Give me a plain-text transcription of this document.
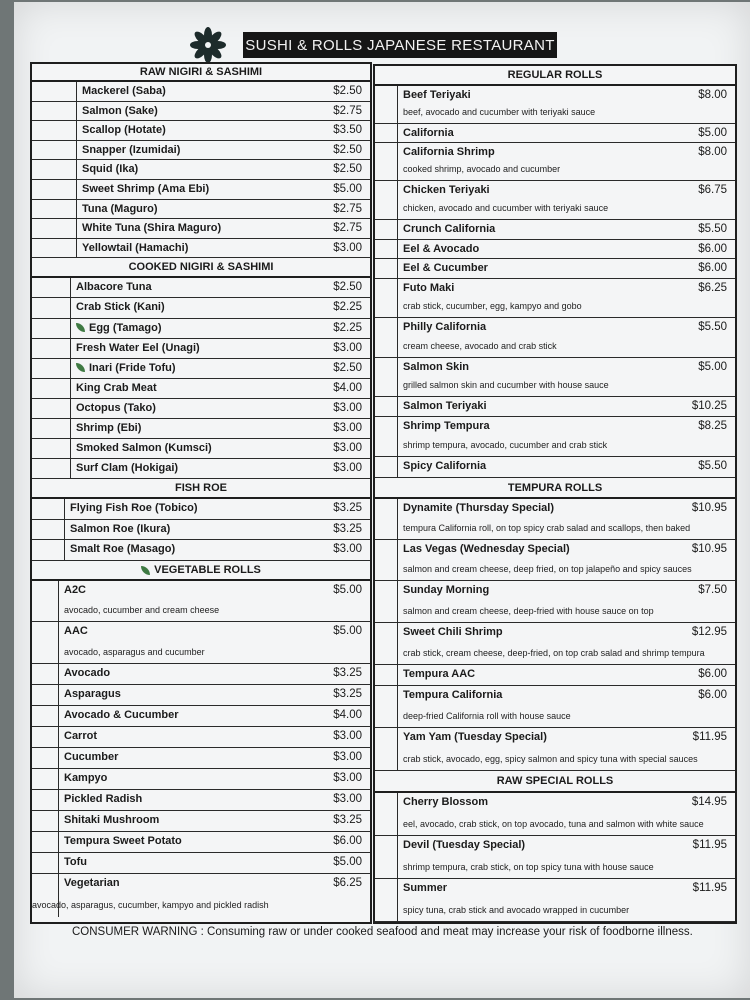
SUSHI & ROLLS JAPANESE RESTAURANT
RAW NIGIRI & SASHIMI
Mackerel (Saba)	$2.50
Salmon (Sake)	$2.75
Scallop (Hotate)	$3.50
Snapper (Izumidai)	$2.50
Squid (Ika)	$2.50
Sweet Shrimp (Ama Ebi)	$5.00
Tuna (Maguro)	$2.75
White Tuna (Shira Maguro)	$2.75
Yellowtail (Hamachi)	$3.00
COOKED NIGIRI & SASHIMI
Albacore Tuna	$2.50
Crab Stick (Kani)	$2.25
Egg (Tamago)	$2.25
Fresh Water Eel (Unagi)	$3.00
Inari (Fride Tofu)	$2.50
King Crab Meat	$4.00
Octopus (Tako)	$3.00
Shrimp (Ebi)	$3.00
Smoked Salmon (Kumsci)	$3.00
Surf Clam (Hokigai)	$3.00
FISH ROE
Flying Fish Roe (Tobico)	$3.25
Salmon Roe (Ikura)	$3.25
Smalt Roe (Masago)	$3.00
VEGETABLE ROLLS
A2C	$5.00
avocado, cucumber and cream cheese
AAC	$5.00
avocado, asparagus and cucumber
Avocado	$3.25
Asparagus	$3.25
Avocado & Cucumber	$4.00
Carrot	$3.00
Cucumber	$3.00
Kampyo	$3.00
Pickled Radish	$3.00
Shitaki Mushroom	$3.25
Tempura Sweet Potato	$6.00
Tofu	$5.00
Vegetarian	$6.25
avocado, asparagus, cucumber, kampyo and pickled radish
REGULAR ROLLS
Beef Teriyaki	$8.00
beef, avocado and cucumber with teriyaki sauce
California	$5.00
California Shrimp	$8.00
cooked shrimp, avocado and cucumber
Chicken Teriyaki	$6.75
chicken, avocado and cucumber with teriyaki sauce
Crunch California	$5.50
Eel & Avocado	$6.00
Eel & Cucumber	$6.00
Futo Maki	$6.25
crab stick, cucumber, egg, kampyo and gobo
Philly California	$5.50
cream cheese, avocado and crab stick
Salmon Skin	$5.00
grilled salmon skin and cucumber with house sauce
Salmon Teriyaki	$10.25
Shrimp Tempura	$8.25
shrimp tempura, avocado, cucumber and crab stick
Spicy California	$5.50
TEMPURA ROLLS
Dynamite (Thursday Special)	$10.95
tempura California roll, on top spicy crab salad and scallops, then baked
Las Vegas (Wednesday Special)	$10.95
salmon and cream cheese, deep fried, on top jalapeño and spicy sauces
Sunday Morning	$7.50
salmon and cream cheese, deep-fried with house sauce on top
Sweet Chili Shrimp	$12.95
crab stick, cream cheese, deep-fried, on top crab salad and shrimp tempura
Tempura AAC	$6.00
Tempura California	$6.00
deep-fried California roll with house sauce
Yam Yam (Tuesday Special)	$11.95
crab stick, avocado, egg, spicy salmon and spicy tuna with special sauces
RAW SPECIAL ROLLS
Cherry Blossom	$14.95
eel, avocado, crab stick, on top avocado, tuna and salmon with white sauce
Devil (Tuesday Special)	$11.95
shrimp tempura, crab stick, on top spicy tuna with house sauce
Summer	$11.95
spicy tuna, crab stick and avocado wrapped in cucumber
CONSUMER WARNING : Consuming raw or under cooked seafood and meat may increase your risk of foodborne illness.
